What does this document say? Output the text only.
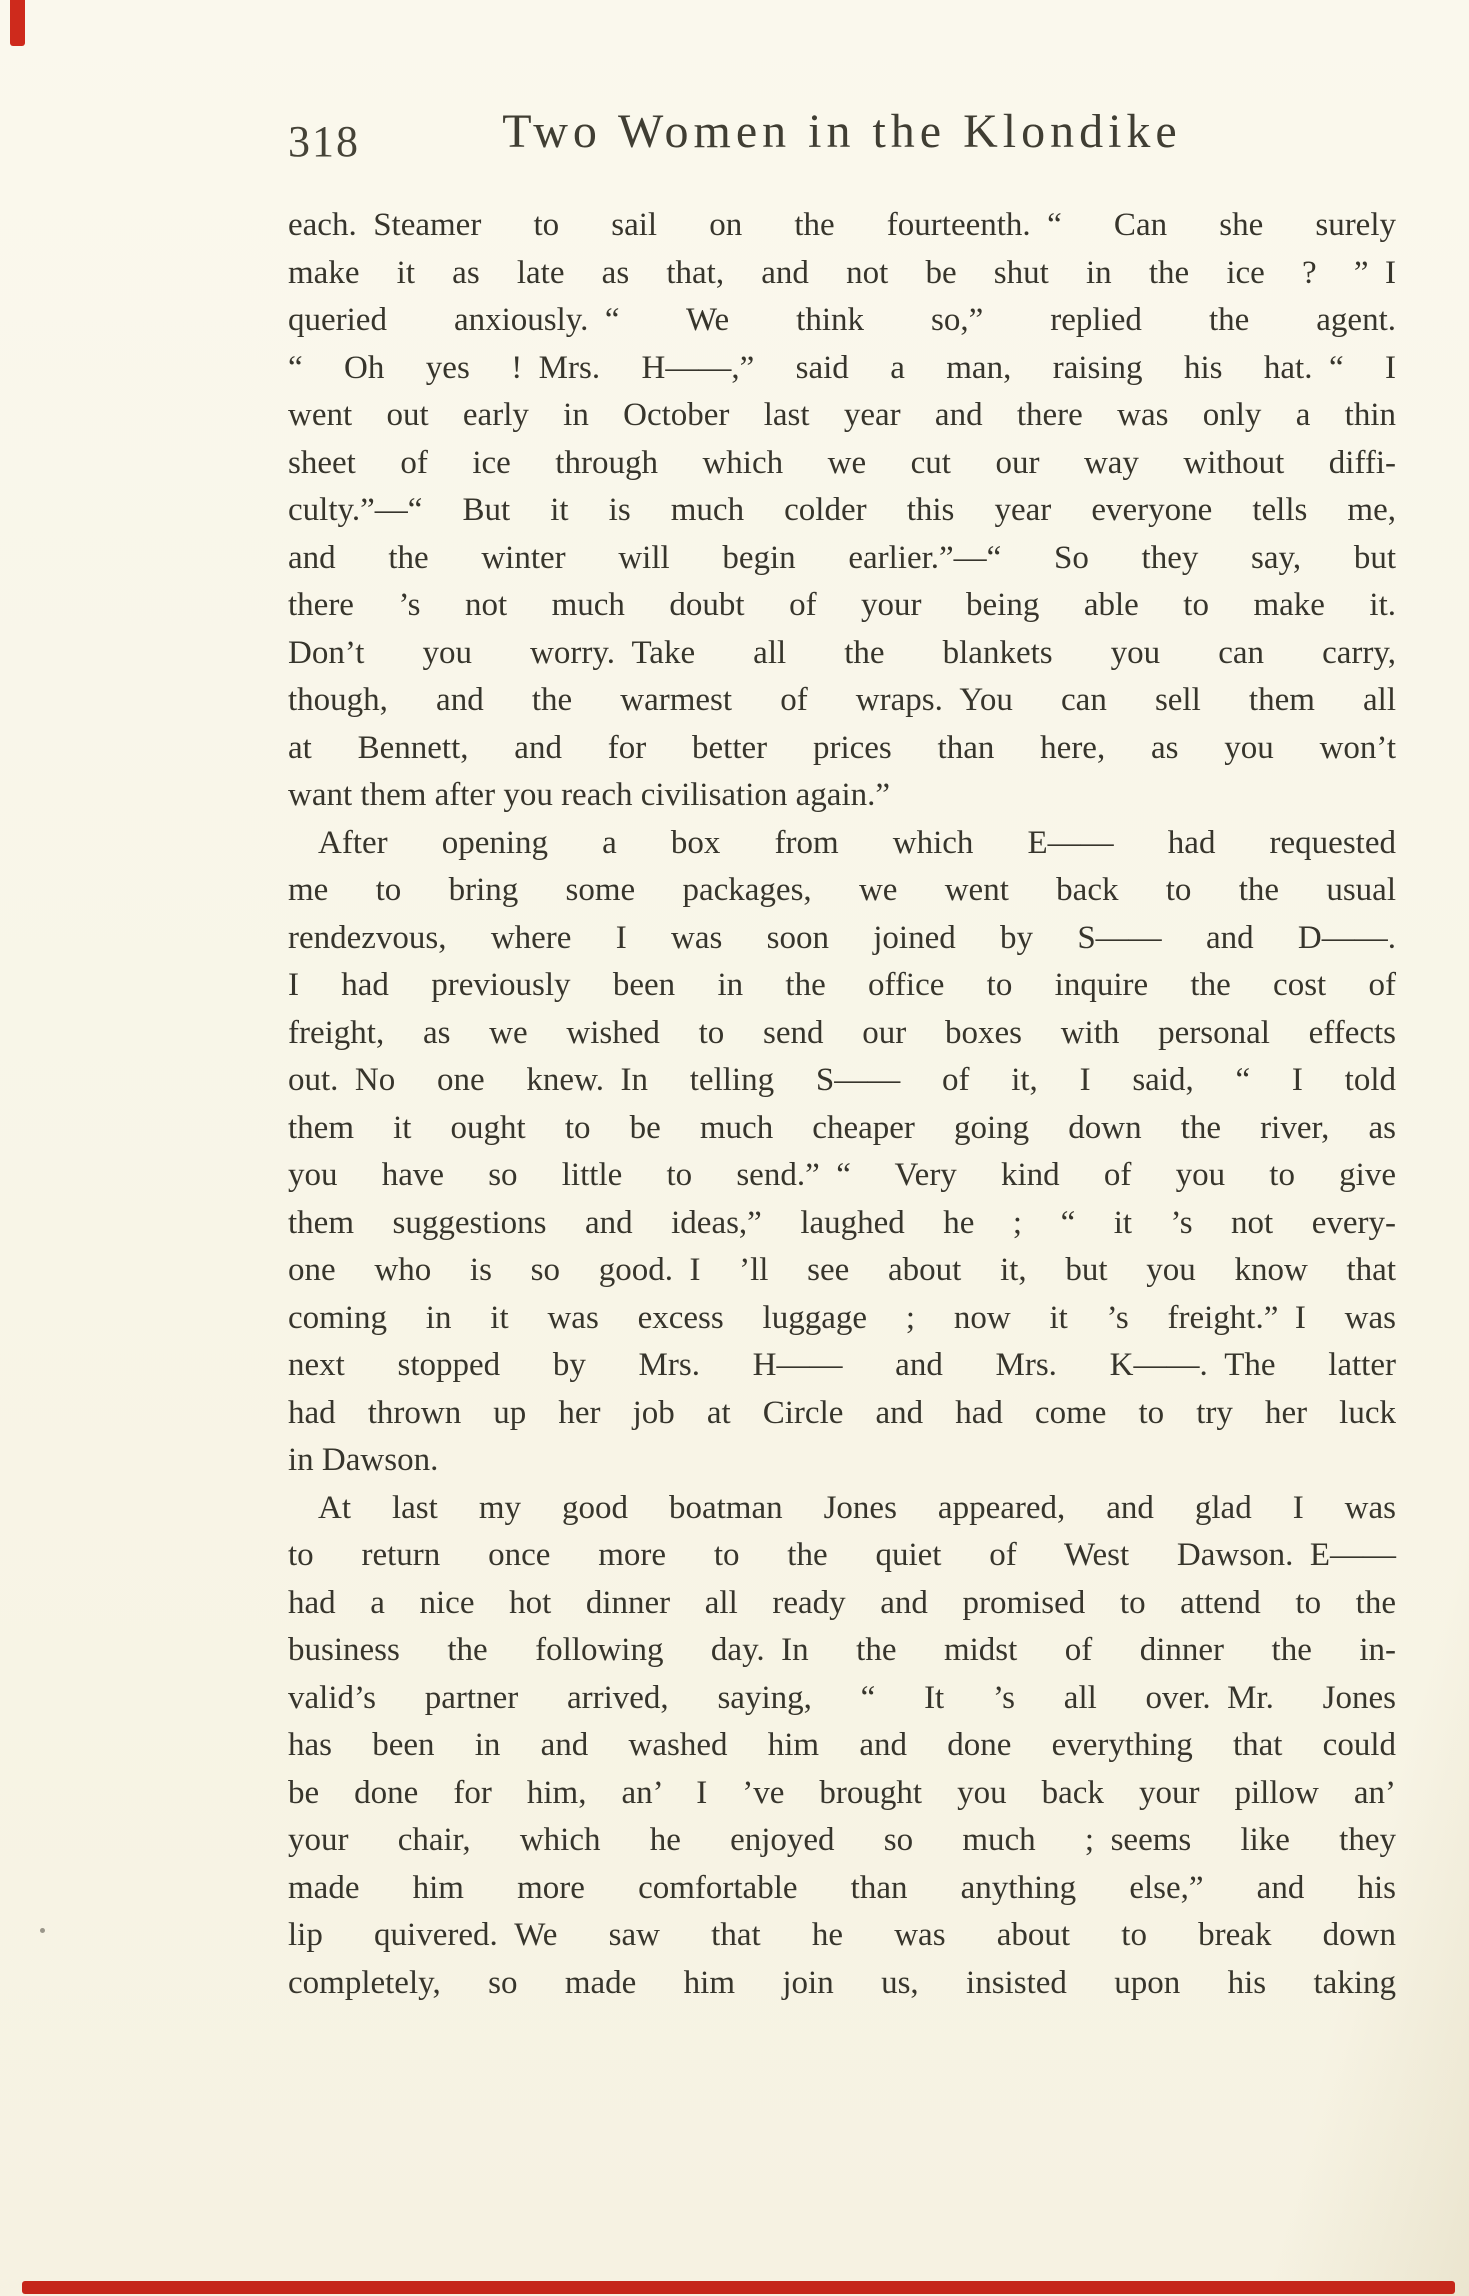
318	Two Women in the Klondike
each. Steamer to sail on the fourteenth. “ Can she surely
make it as late as that, and not be shut in the ice ? ” I
queried anxiously. “ We think so,” replied the agent.
“ Oh yes ! Mrs. H——,” said a man, raising his hat. “ I
went out early in October last year and there was only a thin
sheet of ice through which we cut our way without diffi-
culty.”—“ But it is much colder this year everyone tells me,
and the winter will begin earlier.”—“ So they say, but
there ’s not much doubt of your being able to make it.
Don’t you worry. Take all the blankets you can carry,
though, and the warmest of wraps. You can sell them all
at Bennett, and for better prices than here, as you won’t
want them after you reach civilisation again.”
After opening a box from which E—— had requested
me to bring some packages, we went back to the usual
rendezvous, where I was soon joined by S—— and D——.
I had previously been in the office to inquire the cost of
freight, as we wished to send our boxes with personal effects
out. No one knew. In telling S—— of it, I said, “ I told
them it ought to be much cheaper going down the river, as
you have so little to send.” “ Very kind of you to give
them suggestions and ideas,” laughed he ; “ it ’s not every-
one who is so good. I ’ll see about it, but you know that
coming in it was excess luggage ; now it ’s freight.” I was
next stopped by Mrs. H—— and Mrs. K——. The latter
had thrown up her job at Circle and had come to try her luck
in Dawson.
At last my good boatman Jones appeared, and glad I was
to return once more to the quiet of West Dawson. E——
had a nice hot dinner all ready and promised to attend to the
business the following day. In the midst of dinner the in-
valid’s partner arrived, saying, “ It ’s all over. Mr. Jones
has been in and washed him and done everything that could
be done for him, an’ I ’ve brought you back your pillow an’
your chair, which he enjoyed so much ; seems like they
made him more comfortable than anything else,” and his
lip quivered. We saw that he was about to break down
completely, so made him join us, insisted upon his taking
